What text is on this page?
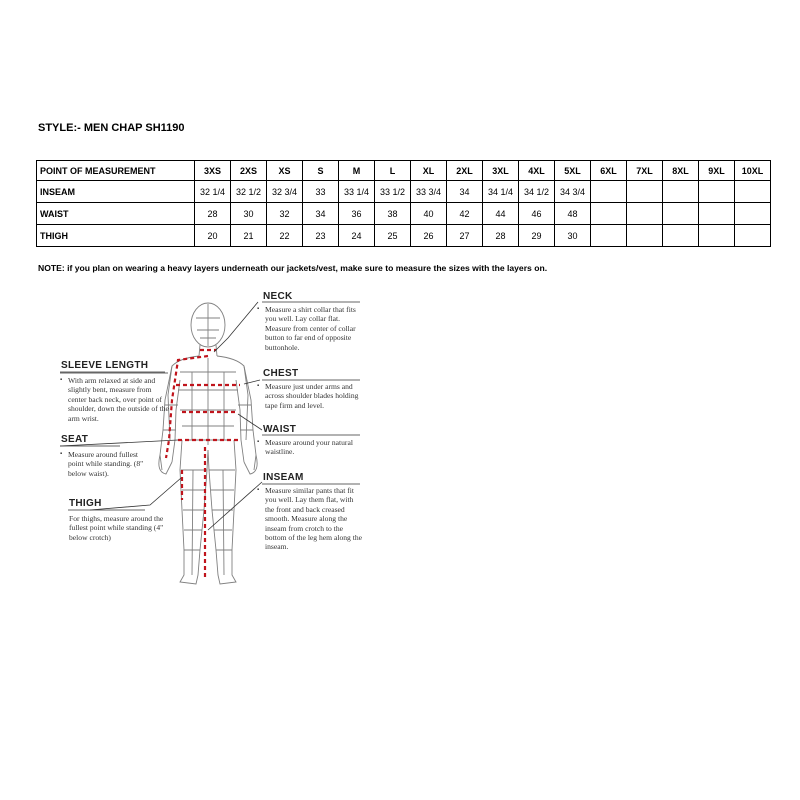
STYLE:- MEN CHAP SH1190
POINT OF MEASUREMENT	3XS	2XS	XS	S	M	L	XL	2XL	3XL	4XL	5XL	6XL	7XL	8XL	9XL	10XL
INSEAM	32 1/4	32 1/2	32 3/4	33	33 1/4	33 1/2	33 3/4	34	34 1/4	34 1/2	34 3/4					
WAIST	28	30	32	34	36	38	40	42	44	46	48					
THIGH	20	21	22	23	24	25	26	27	28	29	30					
NOTE: if you plan on wearing a heavy layers underneath our jackets/vest, make sure to measure the sizes with the layers on.
NECK
▪ Measure a shirt collar that fits you well. Lay collar flat. Measure from center of collar button to far end of opposite buttonhole.
CHEST
▪ Measure just under arms and across shoulder blades holding tape firm and level.
WAIST
▪ Measure around your natural waistline.
INSEAM
▪ Measure similar pants that fit you well. Lay them flat, with the front and back creased smooth. Measure along the inseam from crotch to the bottom of the leg hem along the inseam.
SLEEVE LENGTH
▪ With arm relaxed at side and slightly bent, measure from center back neck, over point of shoulder, down the outside of the arm wrist.
SEAT
▪ Measure around fullest point while standing. (8" below waist).
THIGH
For thighs, measure around the fullest point while standing (4" below crotch)
